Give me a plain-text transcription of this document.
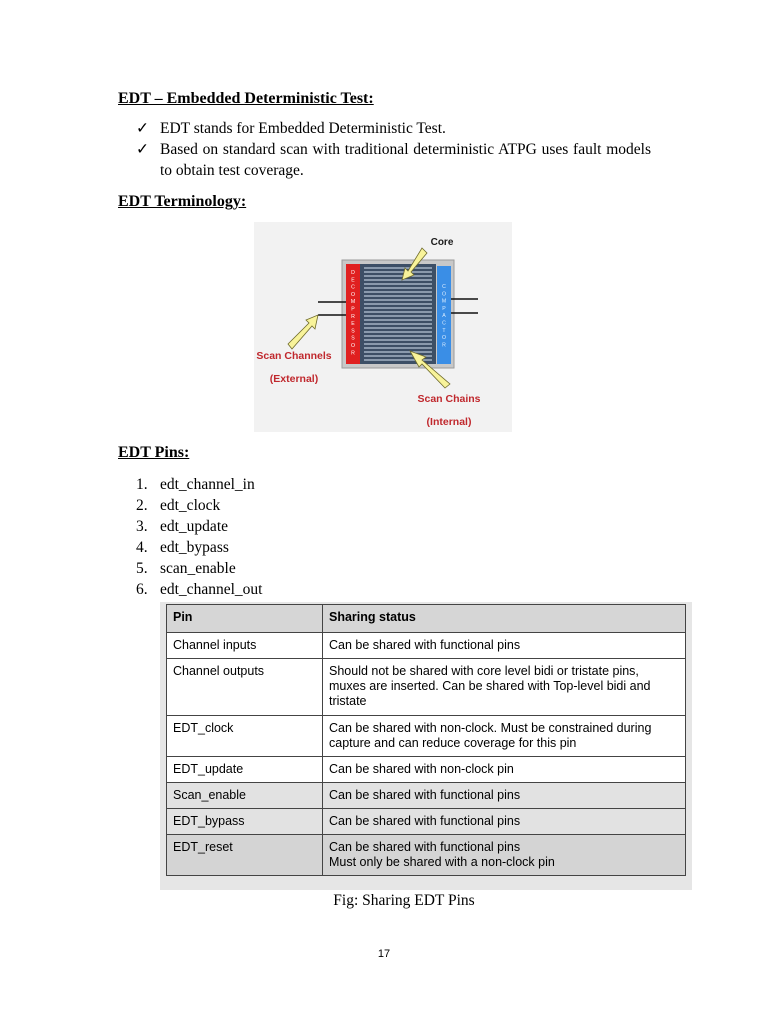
EDT – Embedded Deterministic Test:
✓ EDT stands for Embedded Deterministic Test.
✓ Based on standard scan with traditional deterministic ATPG uses fault models to obtain test coverage.
EDT Terminology:
D E C O M P R E S S O R
C O M P A C T O R
Core
Scan Channels
(External)
Scan Chains
(Internal)
EDT Pins:
1. edt_channel_in
2. edt_clock
3. edt_update
4. edt_bypass
5. scan_enable
6. edt_channel_out
Pin	Sharing status
Channel inputs	Can be shared with functional pins
Channel outputs	Should not be shared with core level bidi or tristate pins, muxes are inserted. Can be shared with Top-level bidi and tristate
EDT_clock	Can be shared with non-clock. Must be constrained during capture and can reduce coverage for this pin
EDT_update	Can be shared with non-clock pin
Scan_enable	Can be shared with functional pins
EDT_bypass	Can be shared with functional pins
EDT_reset	Can be shared with functional pins
Must only be shared with a non-clock pin
Fig: Sharing EDT Pins
17
